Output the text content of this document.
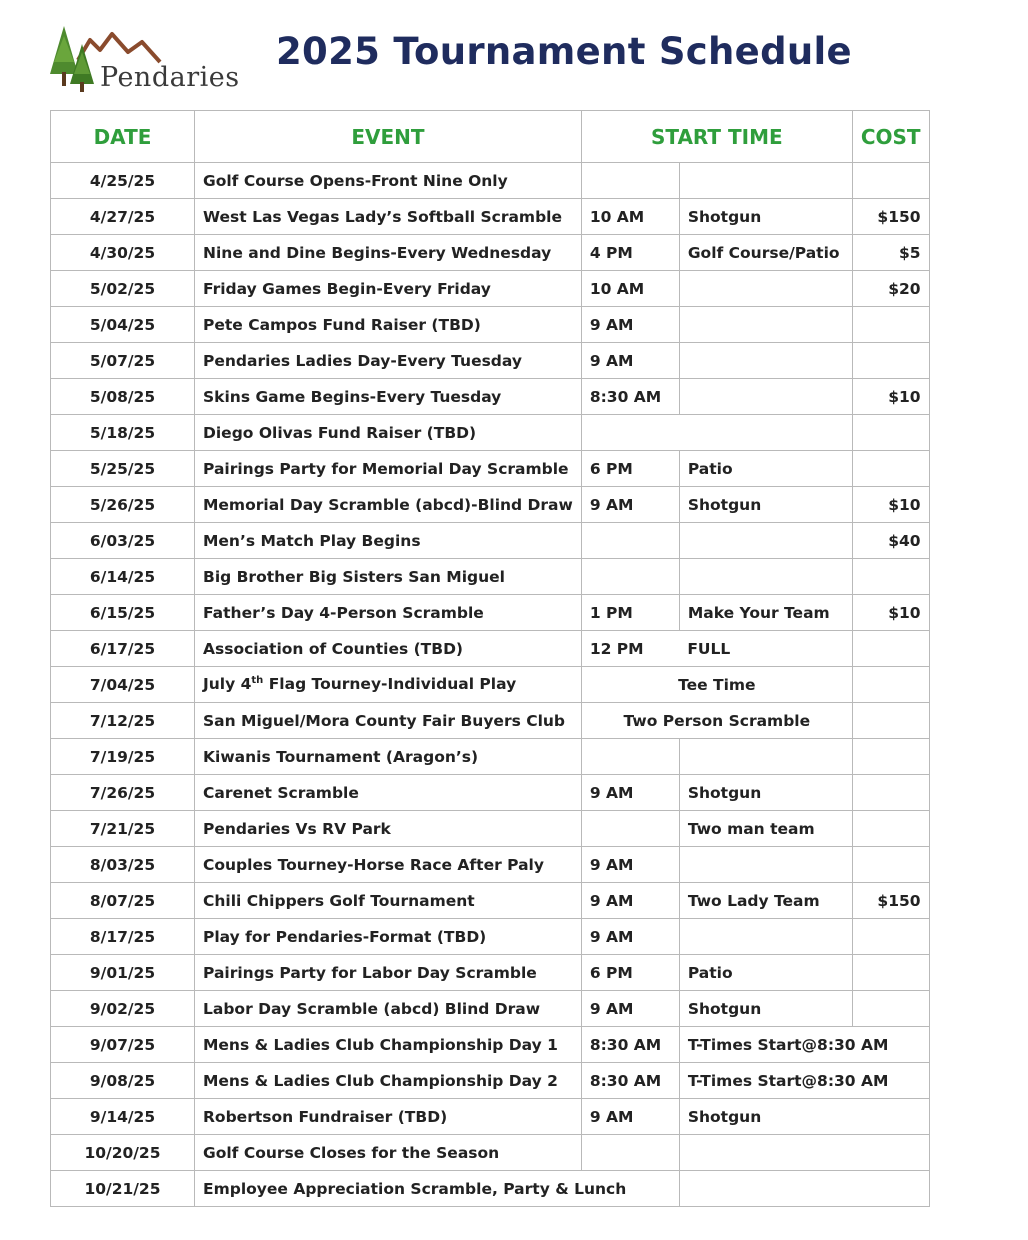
Pendaries
2025 Tournament Schedule
DATE	EVENT	START TIME		COST
4/25/25	Golf Course Opens-Front Nine Only			
4/27/25	West Las Vegas Lady’s Softball Scramble	10 AM	Shotgun	$150
4/30/25	Nine and Dine Begins-Every Wednesday	4 PM	Golf Course/Patio	$5
5/02/25	Friday Games Begin-Every Friday	10 AM		$20
5/04/25	Pete Campos Fund Raiser (TBD)	9 AM		
5/07/25	Pendaries Ladies Day-Every Tuesday	9 AM		
5/08/25	Skins Game Begins-Every Tuesday	8:30 AM		$10
5/18/25	Diego Olivas Fund Raiser (TBD)			
5/25/25	Pairings Party for Memorial Day Scramble	6 PM	Patio	
5/26/25	Memorial Day Scramble (abcd)-Blind Draw	9 AM	Shotgun	$10
6/03/25	Men’s Match Play Begins			$40
6/14/25	Big Brother Big Sisters San Miguel			
6/15/25	Father’s Day 4-Person Scramble	1 PM	Make Your Team	$10
6/17/25	Association of Counties (TBD)	12 PM	FULL	
7/04/25	July 4th Flag Tourney-Individual Play	Tee Time		
7/12/25	San Miguel/Mora County Fair Buyers Club	Two Person Scramble		
7/19/25	Kiwanis Tournament (Aragon’s)			
7/26/25	Carenet Scramble	9 AM	Shotgun	
7/21/25	Pendaries Vs RV Park		Two man team	
8/03/25	Couples Tourney-Horse Race After Paly	9 AM		
8/07/25	Chili Chippers Golf Tournament	9 AM	Two Lady Team	$150
8/17/25	Play for Pendaries-Format (TBD)	9 AM		
9/01/25	Pairings Party for Labor Day Scramble	6 PM	Patio	
9/02/25	Labor Day Scramble (abcd) Blind Draw	9 AM	Shotgun	
9/07/25	Mens & Ladies Club Championship Day 1	8:30 AM	T-Times Start@8:30 AM	
9/08/25	Mens & Ladies Club Championship Day 2	8:30 AM	T-Times Start@8:30 AM	
9/14/25	Robertson Fundraiser (TBD)	9 AM	Shotgun	
10/20/25	Golf Course Closes for the Season			
10/21/25	Employee Appreciation Scramble, Party & Lunch			
